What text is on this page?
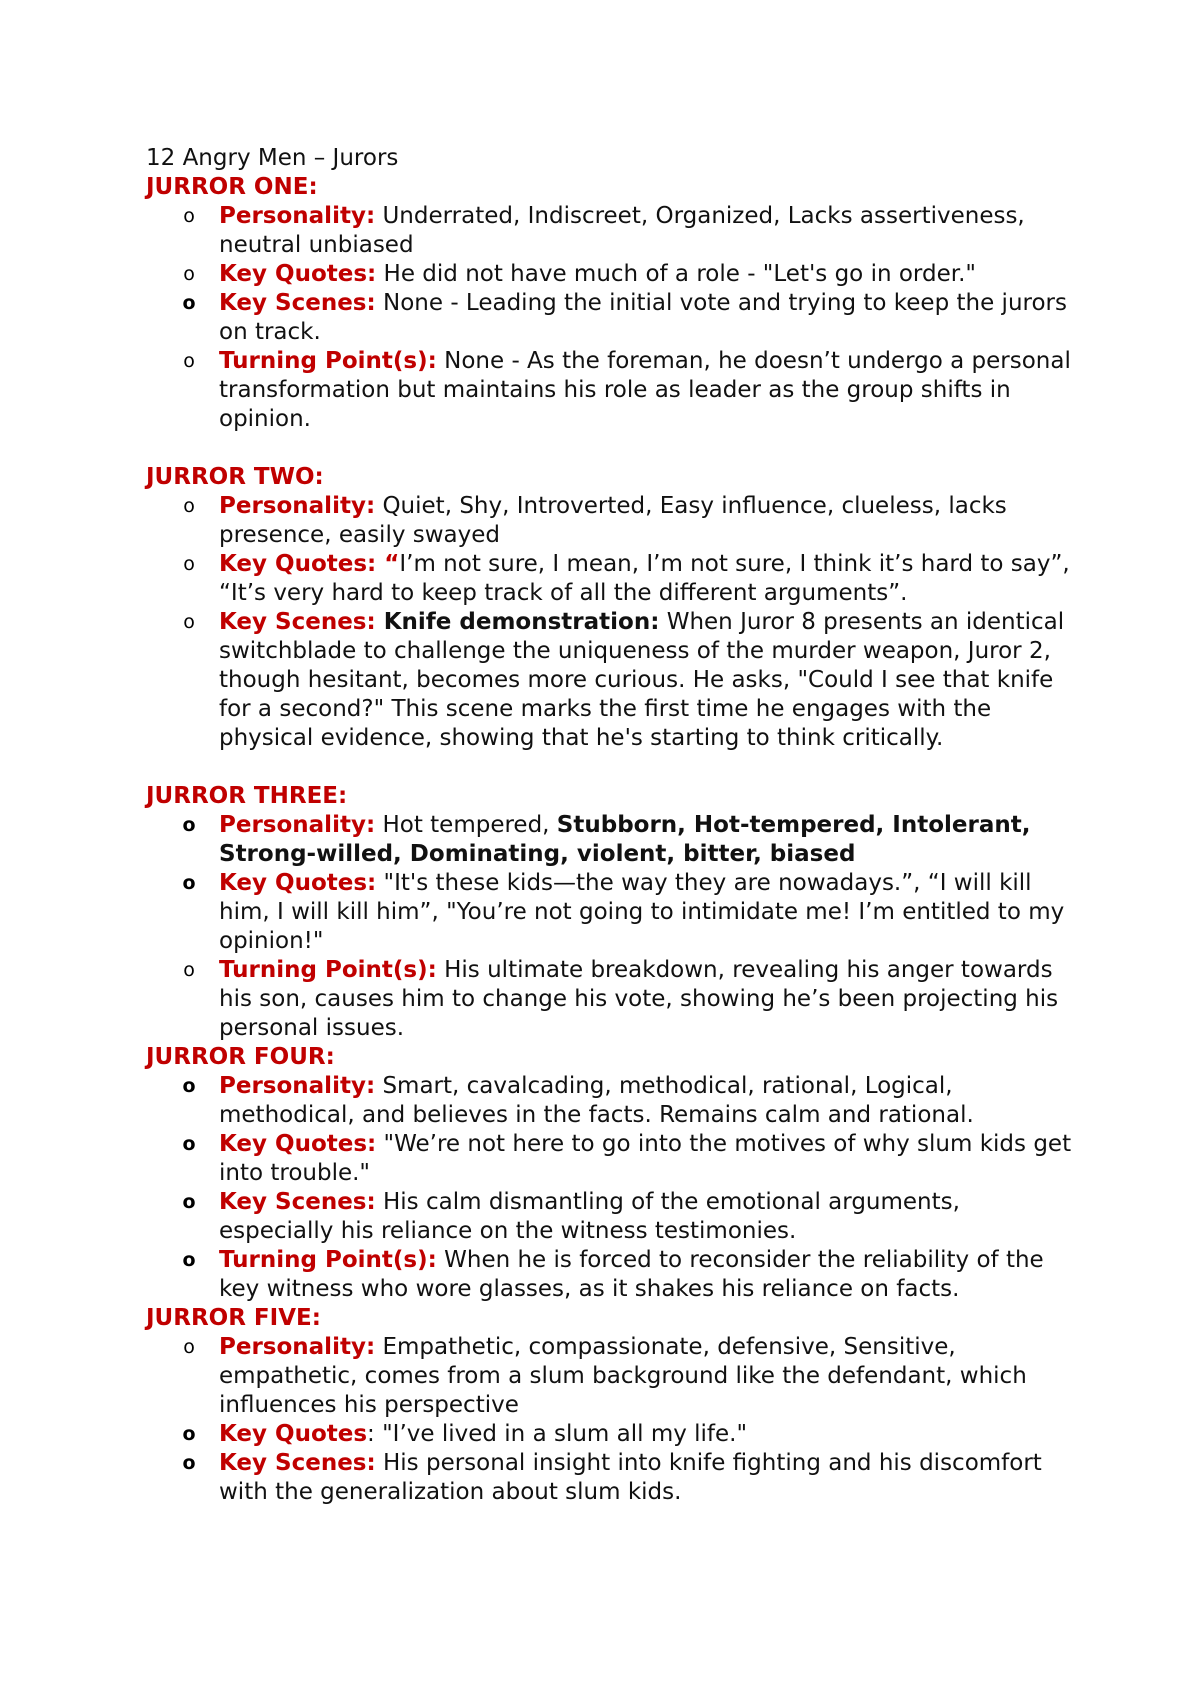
12 Angry Men – Jurors

JURROR ONE:

o Personality: Underrated, Indiscreet, Organized, Lacks assertiveness, neutral unbiased
o Key Quotes: He did not have much of a role - "Let's go in order."
o Key Scenes: None - Leading the initial vote and trying to keep the jurors on track.
o Turning Point(s): None - As the foreman, he doesn’t undergo a personal transformation but maintains his role as leader as the group shifts in opinion.

JURROR TWO:

o Personality: Quiet, Shy, Introverted, Easy influence, clueless, lacks presence, easily swayed
o Key Quotes: “I’m not sure, I mean, I’m not sure, I think it’s hard to say”, “It’s very hard to keep track of all the different arguments”.
o Key Scenes: Knife demonstration: When Juror 8 presents an identical switchblade to challenge the uniqueness of the murder weapon, Juror 2, though hesitant, becomes more curious. He asks, "Could I see that knife for a second?" This scene marks the first time he engages with the physical evidence, showing that he's starting to think critically.

JURROR THREE:

o Personality: Hot tempered, Stubborn, Hot-tempered, Intolerant, Strong-willed, Dominating, violent, bitter, biased
o Key Quotes: "It's these kids—the way they are nowadays.”, “I will kill him, I will kill him”, "You’re not going to intimidate me! I’m entitled to my opinion!"
o Turning Point(s): His ultimate breakdown, revealing his anger towards his son, causes him to change his vote, showing he’s been projecting his personal issues.

JURROR FOUR:

o Personality: Smart, cavalcading, methodical, rational, Logical, methodical, and believes in the facts. Remains calm and rational.
o Key Quotes: "We’re not here to go into the motives of why slum kids get into trouble."
o Key Scenes: His calm dismantling of the emotional arguments, especially his reliance on the witness testimonies.
o Turning Point(s): When he is forced to reconsider the reliability of the key witness who wore glasses, as it shakes his reliance on facts.

JURROR FIVE:

o Personality: Empathetic, compassionate, defensive, Sensitive, empathetic, comes from a slum background like the defendant, which influences his perspective
o Key Quotes: "I’ve lived in a slum all my life."
o Key Scenes: His personal insight into knife fighting and his discomfort with the generalization about slum kids.
